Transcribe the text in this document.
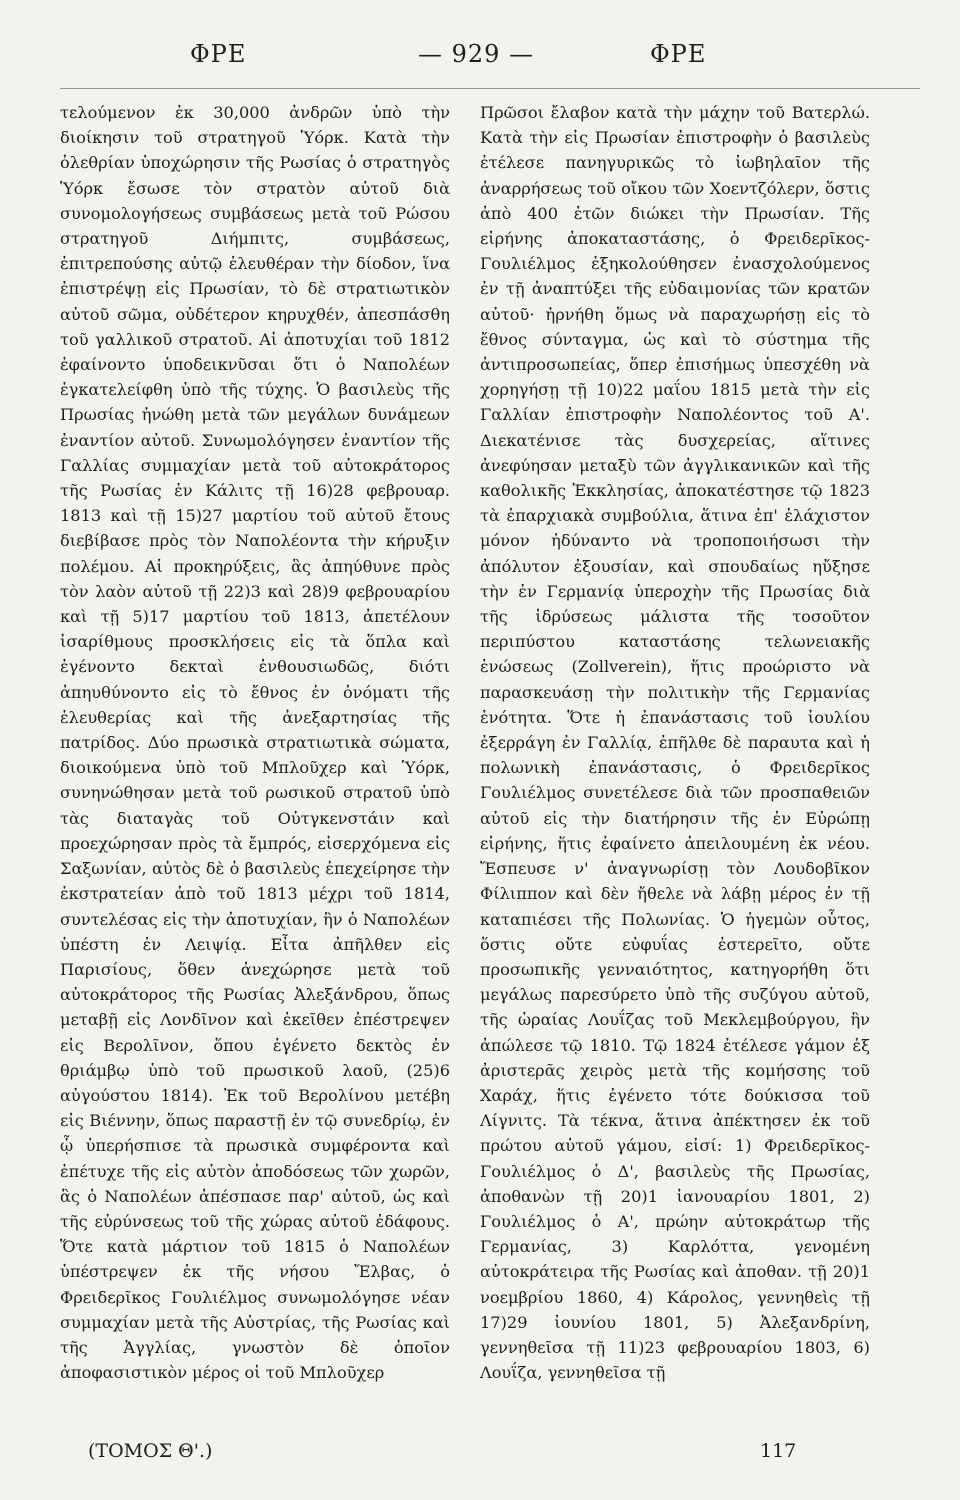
ΦΡΕ	— 929 —	ΦΡΕ

τελούμενον ἐκ 30,000 ἀνδρῶν ὑπὸ τὴν διοίκησιν τοῦ στρατηγοῦ Ὑόρκ. Κατὰ τὴν ὀλεθρίαν ὑποχώρησιν τῆς Ρωσίας ὁ στρατηγὸς Ὑόρκ ἔσωσε τὸν στρατὸν αὐτοῦ διὰ συνομολογήσεως συμβάσεως μετὰ τοῦ Ρώσου στρατηγοῦ Διήμπιτς, συμβάσεως, ἐπιτρεπούσης αὐτῷ ἐλευθέραν τὴν δίοδον, ἵνα ἐπιστρέψῃ εἰς Πρωσίαν, τὸ δὲ στρατιωτικὸν αὐτοῦ σῶμα, οὐδέτερον κηρυχθέν, ἀπεσπάσθη τοῦ γαλλικοῦ στρατοῦ. Αἱ ἀποτυχίαι τοῦ 1812 ἐφαίνοντο ὑποδεικνῦσαι ὅτι ὁ Ναπολέων ἐγκατελείφθη ὑπὸ τῆς τύχης. Ὁ βασιλεὺς τῆς Πρωσίας ἡνώθη μετὰ τῶν μεγάλων δυνάμεων ἐναντίον αὐτοῦ. Συνωμολόγησεν ἐναντίον τῆς Γαλλίας συμμαχίαν μετὰ τοῦ αὐτοκράτορος τῆς Ρωσίας ἐν Κάλιτς τῇ 16)28 φεβρουαρ. 1813 καὶ τῇ 15)27 μαρτίου τοῦ αὐτοῦ ἔτους διεβίβασε πρὸς τὸν Ναπολέοντα τὴν κήρυξιν πολέμου. Αἱ προκηρύξεις, ἃς ἀπηύθυνε πρὸς τὸν λαὸν αὐτοῦ τῇ 22)3 καὶ 28)9 φεβρουαρίου καὶ τῇ 5)17 μαρτίου τοῦ 1813, ἀπετέλουν ἰσαρίθμους προσκλήσεις εἰς τὰ ὅπλα καὶ ἐγένοντο δεκταὶ ἐνθουσιωδῶς, διότι ἀπηυθύνοντο εἰς τὸ ἔθνος ἐν ὀνόματι τῆς ἐλευθερίας καὶ τῆς ἀνεξαρτησίας τῆς πατρίδος. Δύο πρωσικὰ στρατιωτικὰ σώματα, διοικούμενα ὑπὸ τοῦ Μπλοῦχερ καὶ Ὑόρκ, συνηνώθησαν μετὰ τοῦ ρωσικοῦ στρατοῦ ὑπὸ τὰς διαταγὰς τοῦ Οὐτγκενστάιν καὶ προεχώρησαν πρὸς τὰ ἔμπρός, εἰσερχόμενα εἰς Σαξωνίαν, αὐτὸς δὲ ὁ βασιλεὺς ἐπεχείρησε τὴν ἐκστρατείαν ἀπὸ τοῦ 1813 μέχρι τοῦ 1814, συντελέσας εἰς τὴν ἀποτυχίαν, ἣν ὁ Ναπολέων ὑπέστη ἐν Λειψίᾳ. Εἶτα ἀπῆλθεν εἰς Παρισίους, ὅθεν ἀνεχώρησε μετὰ τοῦ αὐτοκράτορος τῆς Ρωσίας Ἀλεξάνδρου, ὅπως μεταβῇ εἰς Λονδῖνον καὶ ἐκεῖθεν ἐπέστρεψεν εἰς Βερολῖνον, ὅπου ἐγένετο δεκτὸς ἐν θριάμβῳ ὑπὸ τοῦ πρωσικοῦ λαοῦ, (25)6 αὐγούστου 1814). Ἐκ τοῦ Βερολίνου μετέβη εἰς Βιέννην, ὅπως παραστῇ ἐν τῷ συνεδρίῳ, ἐν ᾧ ὑπερήσπισε τὰ πρωσικὰ συμφέροντα καὶ ἐπέτυχε τῆς εἰς αὐτὸν ἀποδόσεως τῶν χωρῶν, ἃς ὁ Ναπολέων ἀπέσπασε παρ' αὐτοῦ, ὡς καὶ τῆς εὐρύνσεως τοῦ τῆς χώρας αὐτοῦ ἐδάφους. Ὅτε κατὰ μάρτιον τοῦ 1815 ὁ Ναπολέων ὑπέστρεψεν ἐκ τῆς νήσου Ἔλβας, ὁ Φρειδερῖκος Γουλιέλμος συνωμολόγησε νέαν συμμαχίαν μετὰ τῆς Αὐστρίας, τῆς Ρωσίας καὶ τῆς Ἀγγλίας, γνωστὸν δὲ ὁποῖον ἀποφασιστικὸν μέρος οἱ τοῦ Μπλοῦχερ

Πρῶσοι ἔλαβον κατὰ τὴν μάχην τοῦ Βατερλώ. Κατὰ τὴν εἰς Πρωσίαν ἐπιστροφὴν ὁ βασιλεὺς ἐτέλεσε πανηγυρικῶς τὸ ἰωβηλαῖον τῆς ἀναρρήσεως τοῦ οἴκου τῶν Χοεντζόλερν, ὅστις ἀπὸ 400 ἐτῶν διώκει τὴν Πρωσίαν. Τῆς εἰρήνης ἀποκαταστάσης, ὁ Φρειδερῖκος-Γουλιέλμος ἐξηκολούθησεν ἐνασχολούμενος ἐν τῇ ἀναπτύξει τῆς εὐδαιμονίας τῶν κρατῶν αὐτοῦ· ἠρνήθη ὅμως νὰ παραχωρήσῃ εἰς τὸ ἔθνος σύνταγμα, ὡς καὶ τὸ σύστημα τῆς ἀντιπροσωπείας, ὅπερ ἐπισήμως ὑπεσχέθη νὰ χορηγήσῃ τῇ 10)22 μαΐου 1815 μετὰ τὴν εἰς Γαλλίαν ἐπιστροφὴν Ναπολέοντος τοῦ Α'. Διεκατένισε τὰς δυσχερείας, αἵτινες ἀνεφύησαν μεταξὺ τῶν ἀγγλικανικῶν καὶ τῆς καθολικῆς Ἐκκλησίας, ἀποκατέστησε τῷ 1823 τὰ ἐπαρχιακὰ συμβούλια, ἅτινα ἐπ' ἐλάχιστον μόνον ἠδύναντο νὰ τροποποιήσωσι τὴν ἀπόλυτον ἐξουσίαν, καὶ σπουδαίως ηὔξησε τὴν ἐν Γερμανίᾳ ὑπεροχὴν τῆς Πρωσίας διὰ τῆς ἱδρύσεως μάλιστα τῆς τοσοῦτον περιπύστου καταστάσης τελωνειακῆς ἑνώσεως (Zollverein), ἥτις προώριστο νὰ παρασκευάσῃ τὴν πολιτικὴν τῆς Γερμανίας ἑνότητα. Ὅτε ἡ ἐπανάστασις τοῦ ἰουλίου ἐξερράγη ἐν Γαλλίᾳ, ἐπῆλθε δὲ παραυτα καὶ ἡ πολωνικὴ ἐπανάστασις, ὁ Φρειδερῖκος Γουλιέλμος συνετέλεσε διὰ τῶν προσπαθειῶν αὐτοῦ εἰς τὴν διατήρησιν τῆς ἐν Εὐρώπῃ εἰρήνης, ἥτις ἐφαίνετο ἀπειλουμένη ἐκ νέου. Ἔσπευσε ν' ἀναγνωρίσῃ τὸν Λουδοβῖκον Φίλιππον καὶ δὲν ἤθελε νὰ λάβῃ μέρος ἐν τῇ καταπιέσει τῆς Πολωνίας. Ὁ ἡγεμὼν οὗτος, ὅστις οὔτε εὐφυΐας ἐστερεῖτο, οὔτε προσωπικῆς γενναιότητος, κατηγορήθη ὅτι μεγάλως παρεσύρετο ὑπὸ τῆς συζύγου αὐτοῦ, τῆς ὡραίας Λουΐζας τοῦ Μεκλεμβούργου, ἣν ἀπώλεσε τῷ 1810. Τῷ 1824 ἐτέλεσε γάμον ἐξ ἀριστερᾶς χειρὸς μετὰ τῆς κομήσσης τοῦ Χαράχ, ἥτις ἐγένετο τότε δούκισσα τοῦ Λίγνιτς. Τὰ τέκνα, ἅτινα ἀπέκτησεν ἐκ τοῦ πρώτου αὐτοῦ γάμου, εἰσί: 1) Φρειδερῖκος-Γουλιέλμος ὁ Δ', βασιλεὺς τῆς Πρωσίας, ἀποθανὼν τῇ 20)1 ἰανουαρίου 1801, 2) Γουλιέλμος ὁ Α', πρώην αὐτοκράτωρ τῆς Γερμανίας, 3) Καρλόττα, γενομένη αὐτοκράτειρα τῆς Ρωσίας καὶ ἀποθαν. τῇ 20)1 νοεμβρίου 1860, 4) Κάρολος, γεννηθεὶς τῇ 17)29 ἰουνίου 1801, 5) Ἀλεξανδρίνη, γεννηθεῖσα τῇ 11)23 φεβρουαρίου 1803, 6) Λουΐζα, γεννηθεῖσα τῇ

(ΤΟΜΟΣ Θ'.)	117
